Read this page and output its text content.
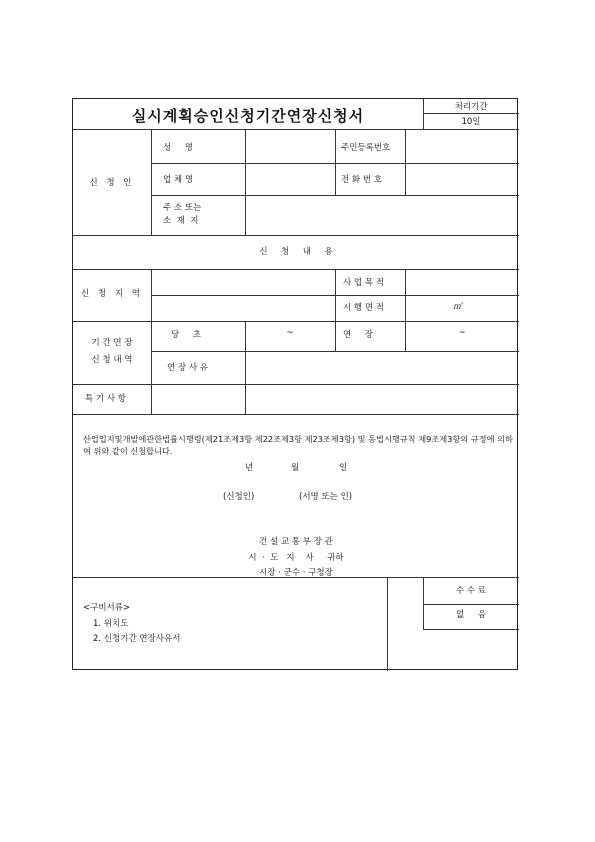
실시계획승인신청기간연장신청서	처리기간
10일
신 청 인
성     명	주민등록번호
업 체 명	전 화 번 호
주 소 또는
소  재  지
신     청     내     용
신 청 지 역
사 업 목 적
시 행 면 적	㎡
기 간 연 장
신 청 내 역
당     초	~	연     장	~
연 장 사 유
특 기 사 항
산업입지및개발에관한법률시행령(제21조제3항 제22조제3항 제23조제3항) 및 동법시행규칙 제9조제3항의 규정에 의하여 위와 같이 신청합니다.
년	월	일
(신청인)	(서명 또는 인)
건 설 교 통 부 장 관
시  ·  도   지    사     귀하
시장 · 군수 · 구청장
<구비서류>
1. 위치도
2. 신청기간 연장사유서
수 수 료
없     음
